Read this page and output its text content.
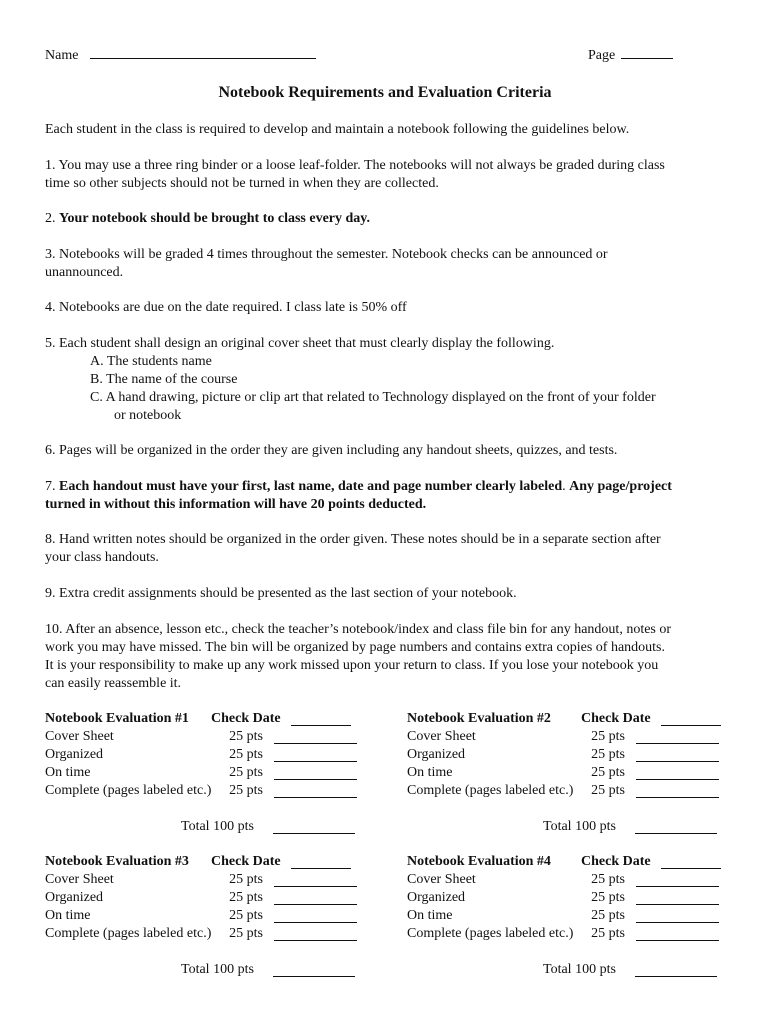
Name	Page
Notebook Requirements and Evaluation Criteria
Each student in the class is required to develop and maintain a notebook following the guidelines below.
1. You may use a three ring binder or a loose leaf-folder. The notebooks will not always be graded during class
time so other subjects should not be turned in when they are collected.
2. Your notebook should be brought to class every day.
3. Notebooks will be graded 4 times throughout the semester. Notebook checks can be announced or
unannounced.
4. Notebooks are due on the date required. I class late is 50% off
5. Each student shall design an original cover sheet that must clearly display the following.
A. The students name
B. The name of the course
C. A hand drawing, picture or clip art that related to Technology displayed on the front of your folder
or notebook
6. Pages will be organized in the order they are given including any handout sheets, quizzes, and tests.
7. Each handout must have your first, last name, date and page number clearly labeled. Any page/project
turned in without this information will have 20 points deducted.
8. Hand written notes should be organized in the order given. These notes should be in a separate section after
your class handouts.
9. Extra credit assignments should be presented as the last section of your notebook.
10. After an absence, lesson etc., check the teacher’s notebook/index and class file bin for any handout, notes or
work you may have missed. The bin will be organized by page numbers and contains extra copies of handouts.
It is your responsibility to make up any work missed upon your return to class. If you lose your notebook you
can easily reassemble it.
Notebook Evaluation #1 Check Date
Cover Sheet	25 pts
Organized	25 pts
On time	25 pts
Complete (pages labeled etc.)	25 pts
Total 100 pts
Notebook Evaluation #2 Check Date
Cover Sheet	25 pts
Organized	25 pts
On time	25 pts
Complete (pages labeled etc.)	25 pts
Total 100 pts
Notebook Evaluation #3 Check Date
Cover Sheet	25 pts
Organized	25 pts
On time	25 pts
Complete (pages labeled etc.)	25 pts
Total 100 pts
Notebook Evaluation #4 Check Date
Cover Sheet	25 pts
Organized	25 pts
On time	25 pts
Complete (pages labeled etc.)	25 pts
Total 100 pts
